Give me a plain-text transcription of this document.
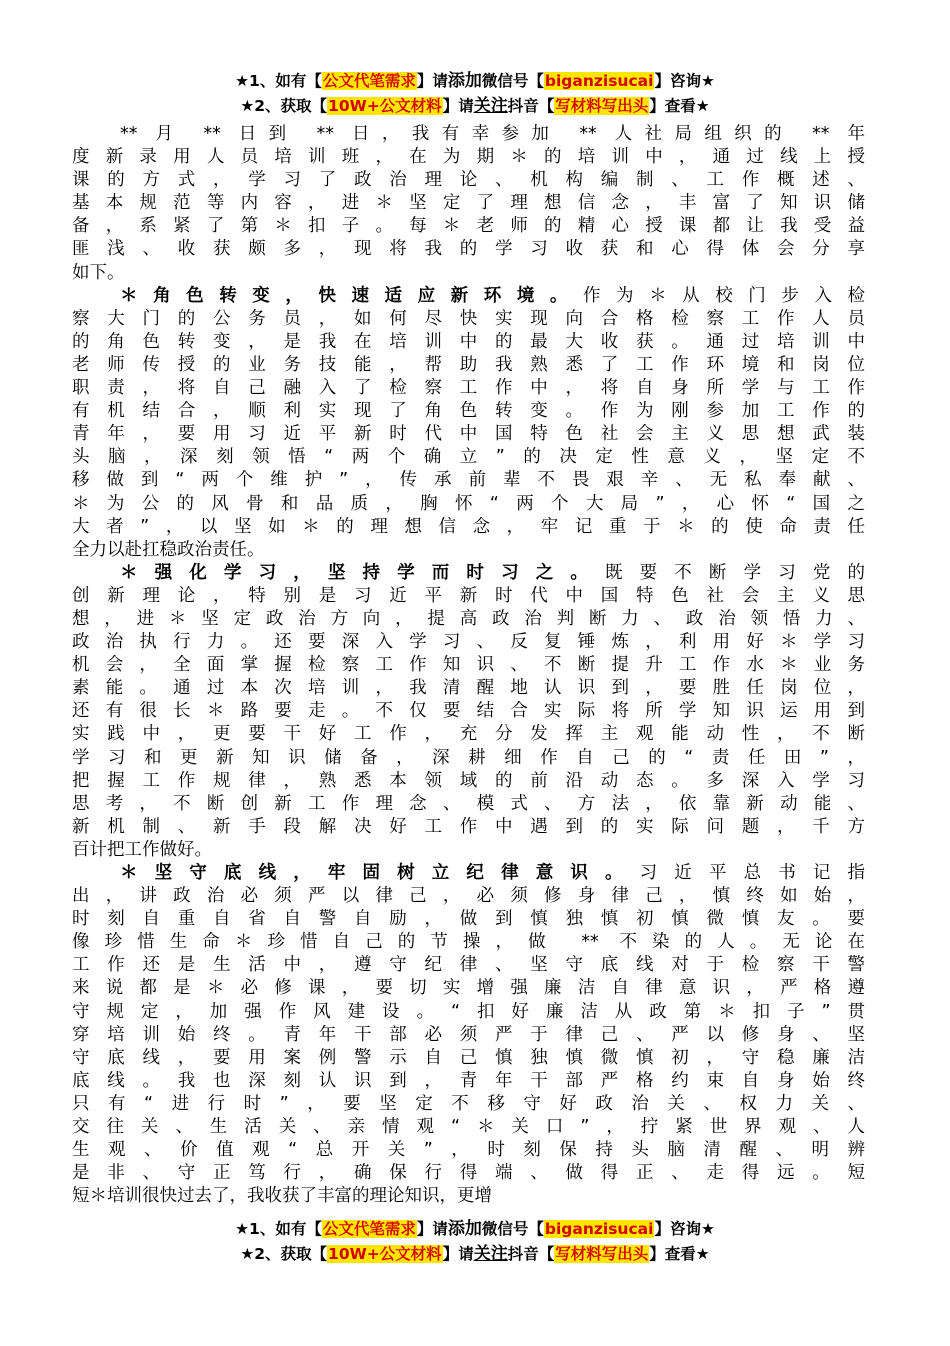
★1、如有【公文代笔需求】请添加微信号【biganzisucai】咨询★
★2、获取【10W+公文材料】请关注抖音【写材料写出头】查看★
** 月 ** 日到 ** 日，我有幸参加 ** 人社局组织的 ** 年
度新录用人员培训班，在为期＊的培训中，通过线上授
课的方式，学习了政治理论、机构编制、工作概述、
基本规范等内容，进＊坚定了理想信念，丰富了知识储
备，系紧了第＊扣子。每＊老师的精心授课都让我受益
匪浅、收获颇多，现将我的学习收获和心得体会分享
如下。
＊角色转变，快速适应新环境。作为＊从校门步入检
察大门的公务员，如何尽快实现向合格检察工作人员
的角色转变，是我在培训中的最大收获。通过培训中
老师传授的业务技能，帮助我熟悉了工作环境和岗位
职责，将自己融入了检察工作中，将自身所学与工作
有机结合，顺利实现了角色转变。作为刚参加工作的
青年，要用习近平新时代中国特色社会主义思想武装
头脑，深刻领悟“两个确立”的决定性意义，坚定不
移做到“两个维护”，传承前辈不畏艰辛、无私奉献、
＊为公的风骨和品质，胸怀“两个大局”，心怀“国之
大者”，以坚如＊的理想信念，牢记重于＊的使命责任
全力以赴扛稳政治责任。
＊强化学习，坚持学而时习之。既要不断学习党的
创新理论，特别是习近平新时代中国特色社会主义思
想，进＊坚定政治方向，提高政治判断力、政治领悟力、
政治执行力。还要深入学习、反复锤炼，利用好＊学习
机会，全面掌握检察工作知识、不断提升工作水＊业务
素能。通过本次培训，我清醒地认识到，要胜任岗位，
还有很长＊路要走。不仅要结合实际将所学知识运用到
实践中，更要干好工作，充分发挥主观能动性，不断
学习和更新知识储备，深耕细作自己的“责任田”，
把握工作规律，熟悉本领域的前沿动态。多深入学习
思考，不断创新工作理念、模式、方法，依靠新动能、
新机制、新手段解决好工作中遇到的实际问题，千方
百计把工作做好。
＊坚守底线，牢固树立纪律意识。习近平总书记指
出，讲政治必须严以律己，必须修身律己，慎终如始，
时刻自重自省自警自励，做到慎独慎初慎微慎友。要
像珍惜生命＊珍惜自己的节操，做 ** 不染的人。无论在
工作还是生活中，遵守纪律、坚守底线对于检察干警
来说都是＊必修课，要切实增强廉洁自律意识，严格遵
守规定，加强作风建设。“扣好廉洁从政第＊扣子”贯
穿培训始终。青年干部必须严于律己、严以修身、坚
守底线，要用案例警示自己慎独慎微慎初，守稳廉洁
底线。我也深刻认识到，青年干部严格约束自身始终
只有“进行时”，要坚定不移守好政治关、权力关、
交往关、生活关、亲情观“＊关口”，拧紧世界观、人
生观、价值观“总开关”，时刻保持头脑清醒、明辨
是非、守正笃行，确保行得端、做得正、走得远。短
短＊培训很快过去了，我收获了丰富的理论知识，更增
★1、如有【公文代笔需求】请添加微信号【biganzisucai】咨询★
★2、获取【10W+公文材料】请关注抖音【写材料写出头】查看★
